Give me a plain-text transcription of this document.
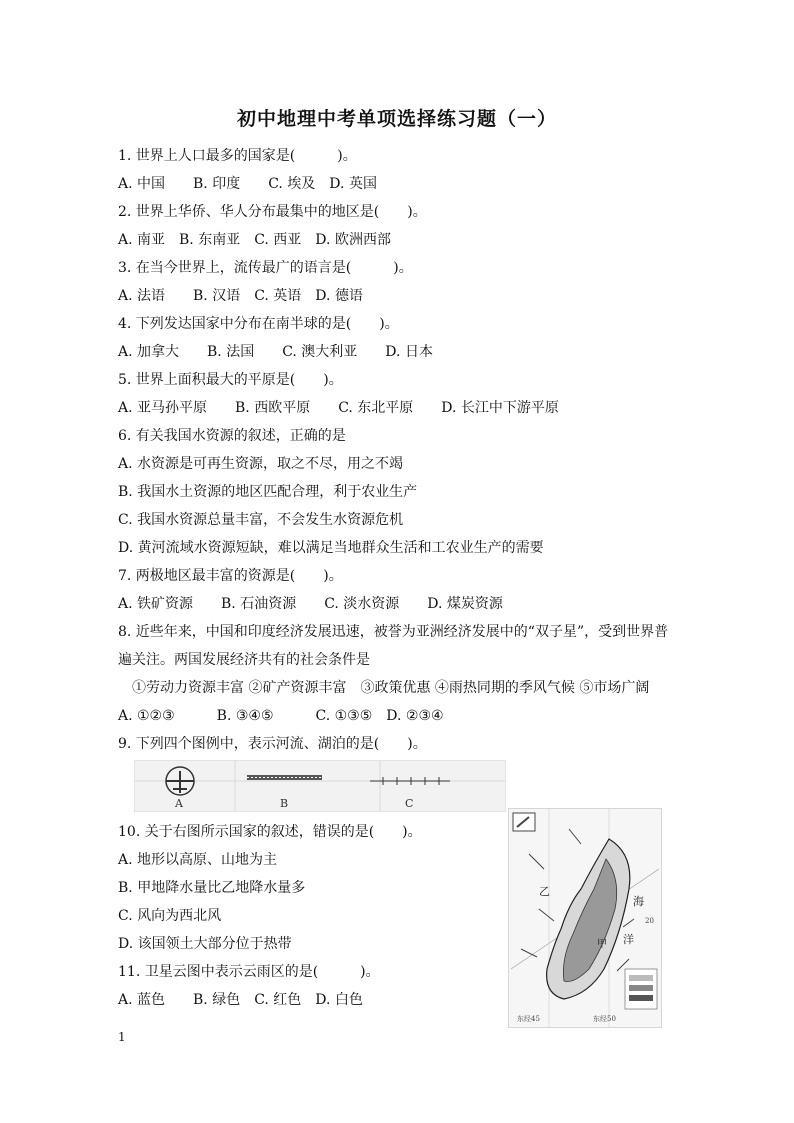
初中地理中考单项选择练习题（一）
1. 世界上人口最多的国家是(　　　)。
A. 中国　　B. 印度　　C. 埃及　D. 英国
2. 世界上华侨、华人分布最集中的地区是(　　)。
A. 南亚　B. 东南亚　C. 西亚　D. 欧洲西部
3. 在当今世界上，流传最广的语言是(　　　)。
A. 法语　　B. 汉语　C. 英语　D. 德语
4. 下列发达国家中分布在南半球的是(　　)。
A. 加拿大　　B. 法国　　C. 澳大利亚　　D. 日本
5. 世界上面积最大的平原是(　　)。
A. 亚马孙平原　　B. 西欧平原　　C. 东北平原　　D. 长江中下游平原
6. 有关我国水资源的叙述，正确的是
A. 水资源是可再生资源，取之不尽，用之不竭
B. 我国水土资源的地区匹配合理，利于农业生产
C. 我国水资源总量丰富，不会发生水资源危机
D. 黄河流域水资源短缺，难以满足当地群众生活和工农业生产的需要
7. 两极地区最丰富的资源是(　　)。
A. 铁矿资源　　B. 石油资源　　C. 淡水资源　　D. 煤炭资源
8. 近些年来，中国和印度经济发展迅速，被誉为亚洲经济发展中的“双子星”，受到世界普
遍关注。两国发展经济共有的社会条件是
　①劳动力资源丰富 ②矿产资源丰富　③政策优惠 ④雨热同期的季风气候 ⑤市场广阔
A. ①②③　　　B. ③④⑤　　　C. ①③⑤　D. ②③④
9. 下列四个图例中，表示河流、湖泊的是(　　)。
A	B	C
10. 关于右图所示国家的叙述，错误的是(　　)。
A. 地形以高原、山地为主
B. 甲地降水量比乙地降水量多
C. 风向为西北风
D. 该国领土大部分位于热带
11. 卫星云图中表示云雨区的是(　　　)。
A. 蓝色　　B. 绿色　C. 红色　D. 白色
乙
甲
海
洋
20
东经45	东经50
1
